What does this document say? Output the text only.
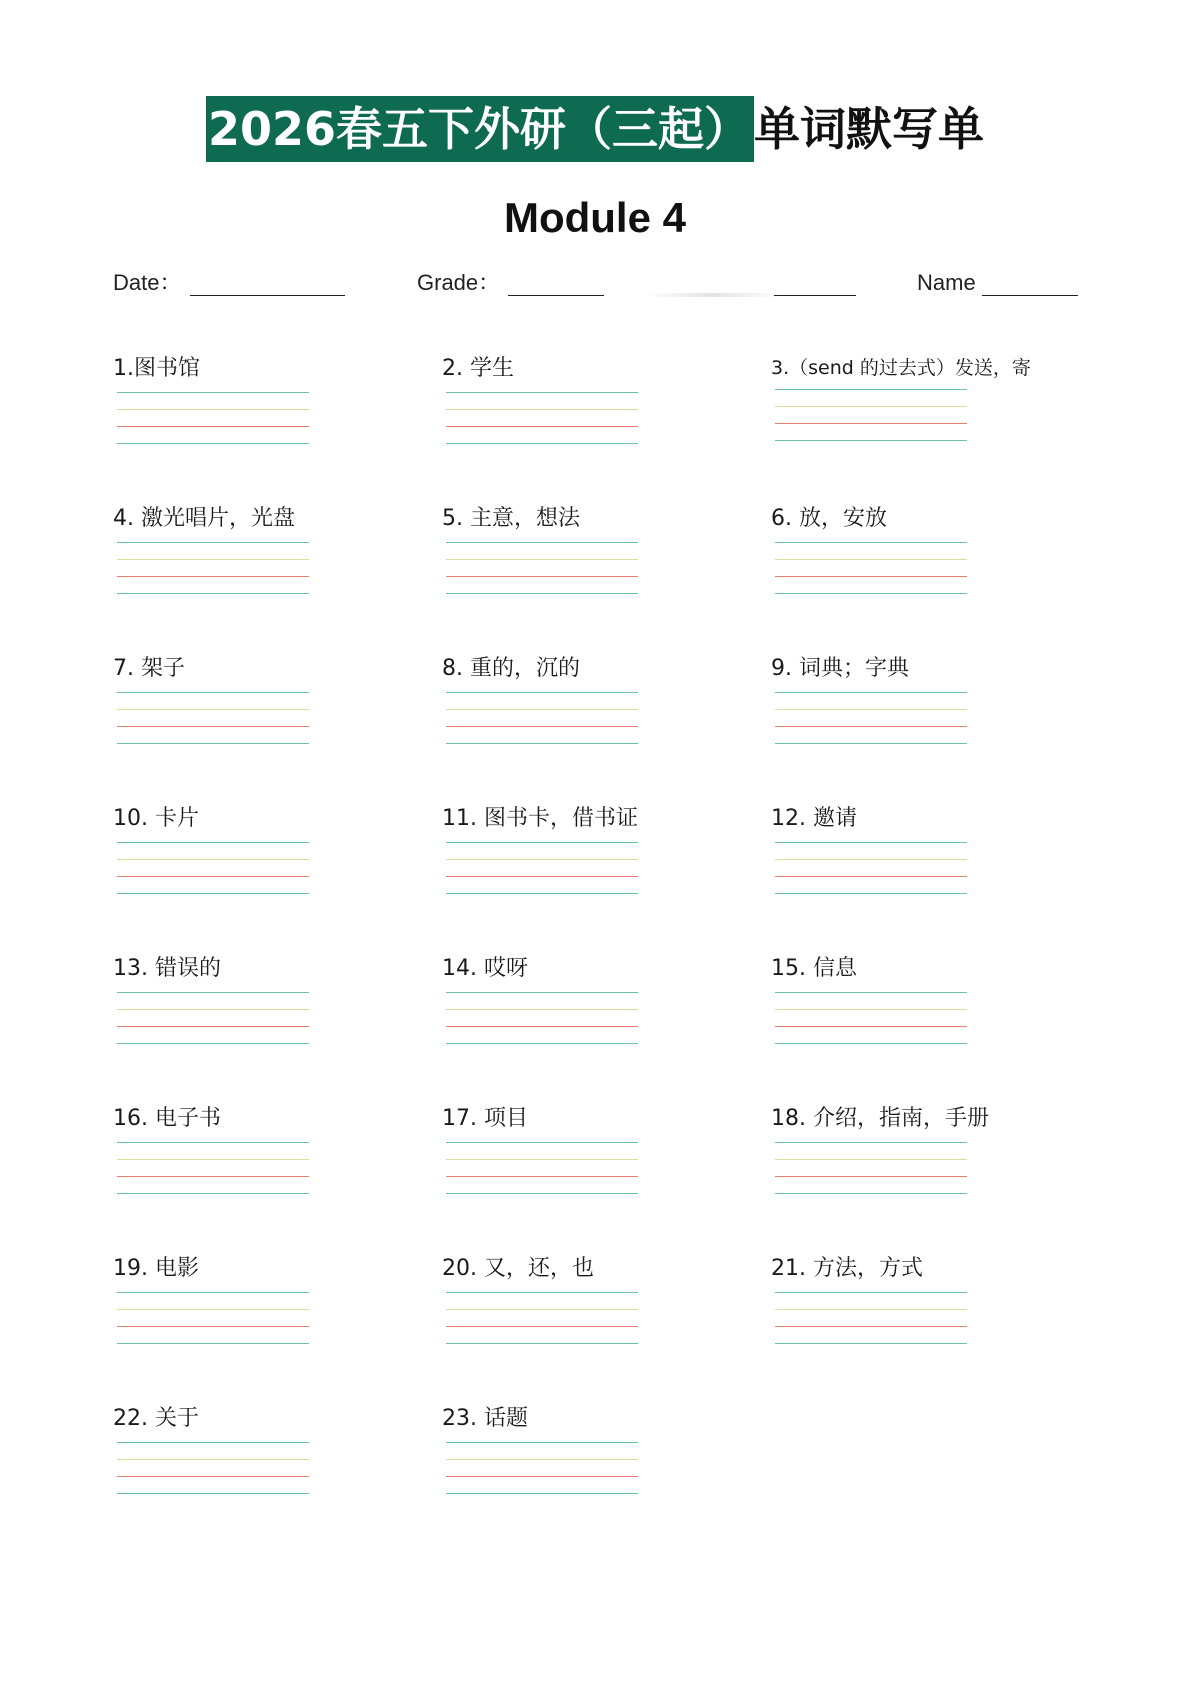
2026春五下外研（三起） 单词默写单
Module 4
Date：	Grade：	Name
1.图书馆	2. 学生	3.（send 的过去式）发送，寄
4. 激光唱片，光盘	5. 主意，想法	6. 放，安放
7. 架子	8. 重的，沉的	9. 词典；字典
10. 卡片	11. 图书卡，借书证	12. 邀请
13. 错误的	14. 哎呀	15. 信息
16. 电子书	17. 项目	18. 介绍，指南，手册
19. 电影	20. 又，还，也	21. 方法，方式
22. 关于	23. 话题
